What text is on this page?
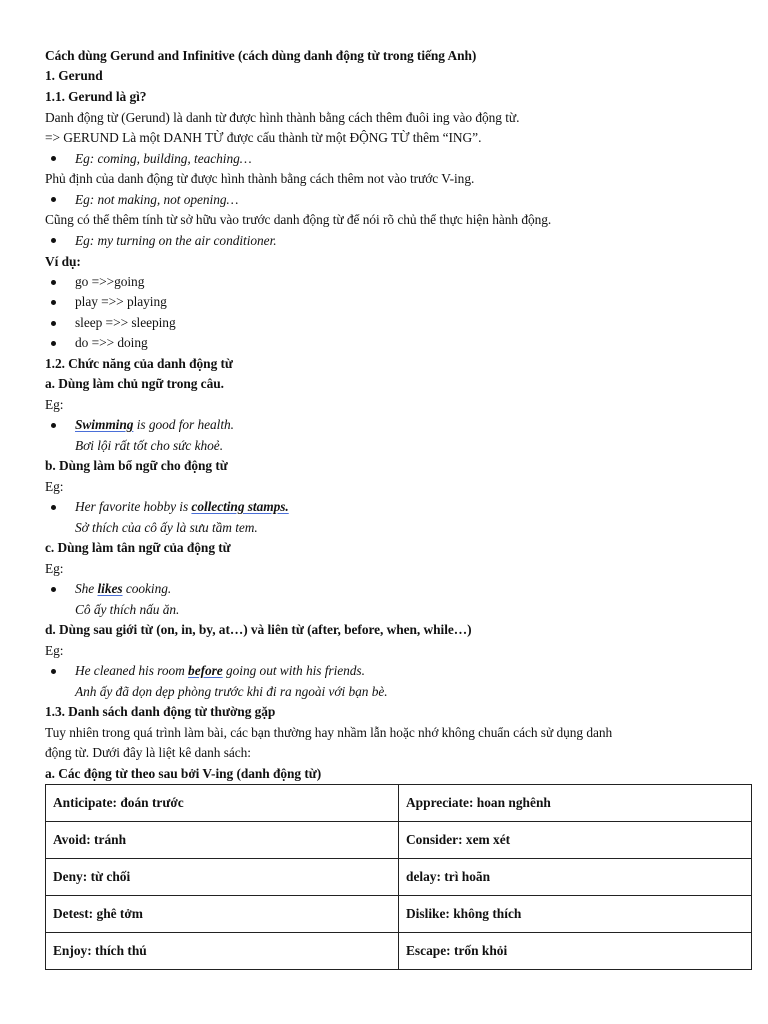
Cách dùng Gerund and Infinitive (cách dùng danh động từ trong tiếng Anh)
1. Gerund
1.1. Gerund là gì?
Danh động từ (Gerund) là danh từ được hình thành bằng cách thêm đuôi ing vào động từ.
=> GERUND Là một DANH TỪ được cấu thành từ một ĐỘNG TỪ thêm “ING”.
Eg: coming, building, teaching…
Phủ định của danh động từ được hình thành bằng cách thêm not vào trước V-ing.
Eg: not making, not opening…
Cũng có thể thêm tính từ sở hữu vào trước danh động từ để nói rõ chủ thể thực hiện hành động.
Eg: my turning on the air conditioner.
Ví dụ:
go =>>going
play =>> playing
sleep =>> sleeping
do =>> doing
1.2. Chức năng của danh động từ
a. Dùng làm chủ ngữ trong câu.
Eg:
Swimming is good for health.
Bơi lội rất tốt cho sức khoẻ.
b. Dùng làm bổ ngữ cho động từ
Eg:
Her favorite hobby is collecting stamps.
Sở thích của cô ấy là sưu tầm tem.
c. Dùng làm tân ngữ của động từ
Eg:
She likes cooking.
Cô ấy thích nấu ăn.
d. Dùng sau giới từ (on, in, by, at…) và liên từ (after, before, when, while…)
Eg:
He cleaned his room before going out with his friends.
Anh ấy đã dọn dẹp phòng trước khi đi ra ngoài với bạn bè.
1.3. Danh sách danh động từ thường gặp
Tuy nhiên trong quá trình làm bài, các bạn thường hay nhầm lẫn hoặc nhớ không chuẩn cách sử dụng danh
động từ. Dưới đây là liệt kê danh sách:
a. Các động từ theo sau bởi V-ing (danh động từ)
Anticipate: đoán trước	Appreciate: hoan nghênh
Avoid: tránh	Consider: xem xét
Deny: từ chối	delay: trì hoãn
Detest: ghê tởm	Dislike: không thích
Enjoy: thích thú	Escape: trốn khỏi
